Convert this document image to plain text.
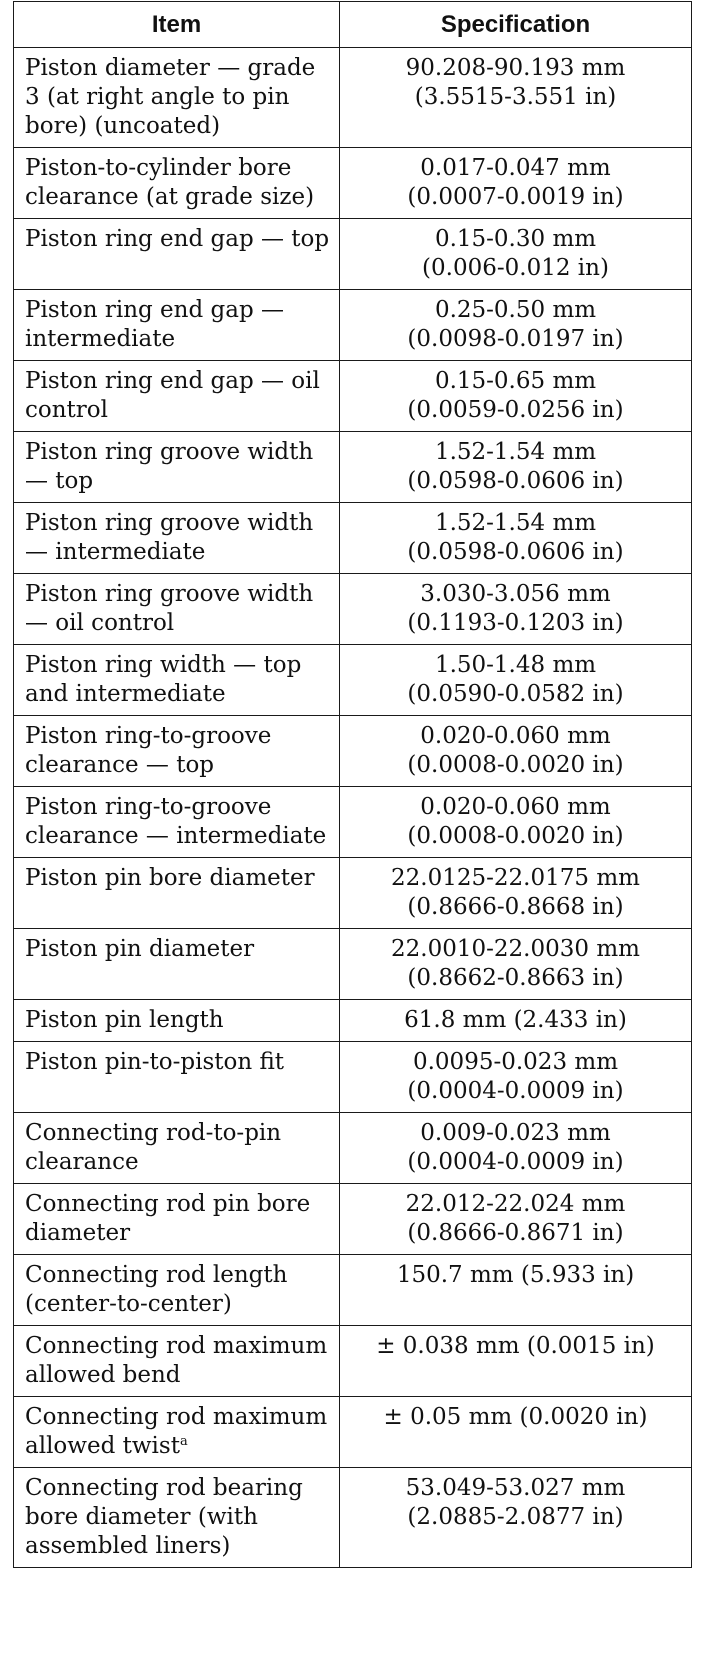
Item	Specification

Piston diameter — grade
3 (at right angle to pin
bore) (uncoated)	90.208-90.193 mm
(3.5515-3.551 in)

Piston-to-cylinder bore
clearance (at grade size)	0.017-0.047 mm
(0.0007-0.0019 in)

Piston ring end gap — top	0.15-0.30 mm
(0.006-0.012 in)

Piston ring end gap —
intermediate	0.25-0.50 mm
(0.0098-0.0197 in)

Piston ring end gap — oil
control	0.15-0.65 mm
(0.0059-0.0256 in)

Piston ring groove width
— top	1.52-1.54 mm
(0.0598-0.0606 in)

Piston ring groove width
— intermediate	1.52-1.54 mm
(0.0598-0.0606 in)

Piston ring groove width
— oil control	3.030-3.056 mm
(0.1193-0.1203 in)

Piston ring width — top
and intermediate	1.50-1.48 mm
(0.0590-0.0582 in)

Piston ring-to-groove
clearance — top	0.020-0.060 mm
(0.0008-0.0020 in)

Piston ring-to-groove
clearance — intermediate	0.020-0.060 mm
(0.0008-0.0020 in)

Piston pin bore diameter	22.0125-22.0175 mm
(0.8666-0.8668 in)

Piston pin diameter	22.0010-22.0030 mm
(0.8662-0.8663 in)

Piston pin length	61.8 mm (2.433 in)

Piston pin-to-piston fit	0.0095-0.023 mm
(0.0004-0.0009 in)

Connecting rod-to-pin
clearance	0.009-0.023 mm
(0.0004-0.0009 in)

Connecting rod pin bore
diameter	22.012-22.024 mm
(0.8666-0.8671 in)

Connecting rod length
(center-to-center)	150.7 mm (5.933 in)

Connecting rod maximum
allowed bend	± 0.038 mm (0.0015 in)

Connecting rod maximum
allowed twist$^a$	± 0.05 mm (0.0020 in)

Connecting rod bearing
bore diameter (with
assembled liners)	53.049-53.027 mm
(2.0885-2.0877 in)
